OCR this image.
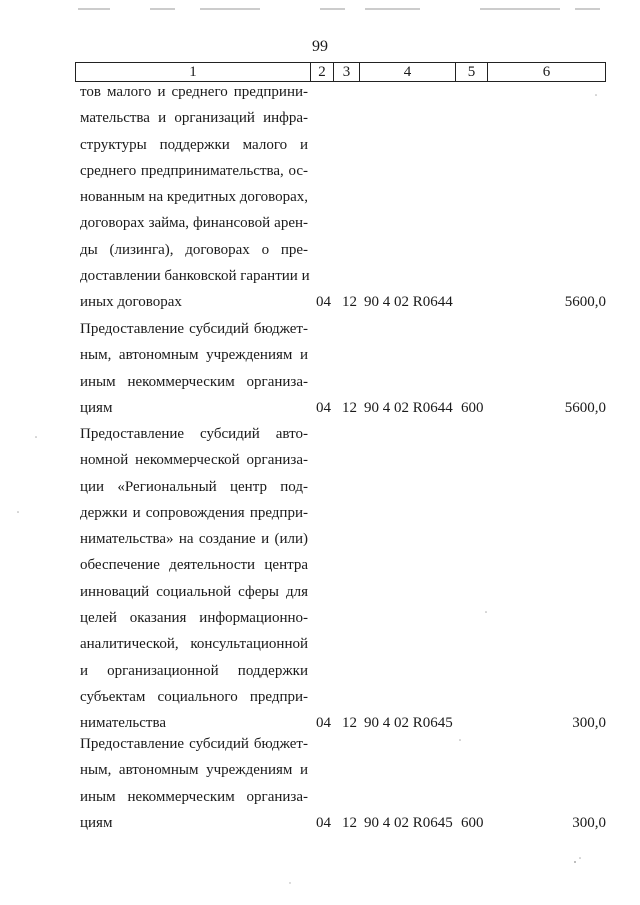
99
1	2	3	4	5	6
тов малого и среднего предприни-
мательства и организаций инфра-
структуры поддержки малого и
среднего предпринимательства, ос-
нованным на кредитных договорах,
договорах займа, финансовой арен-
ды (лизинга), договорах о пре-
доставлении банковской гарантии и
иных договорах	04 12 90 4 02 R0644	5600,0
Предоставление субсидий бюджет-
ным, автономным учреждениям и
иным некоммерческим организа-
циям	04 12 90 4 02 R0644 600	5600,0
Предоставление субсидий авто-
номной некоммерческой организа-
ции «Региональный центр под-
держки и сопровождения предпри-
нимательства» на создание и (или)
обеспечение деятельности центра
инноваций социальной сферы для
целей оказания информационно-
аналитической, консультационной
и организационной поддержки
субъектам социального предпри-
нимательства	04 12 90 4 02 R0645	300,0
Предоставление субсидий бюджет-
ным, автономным учреждениям и
иным некоммерческим организа-
циям	04 12 90 4 02 R0645 600	300,0
